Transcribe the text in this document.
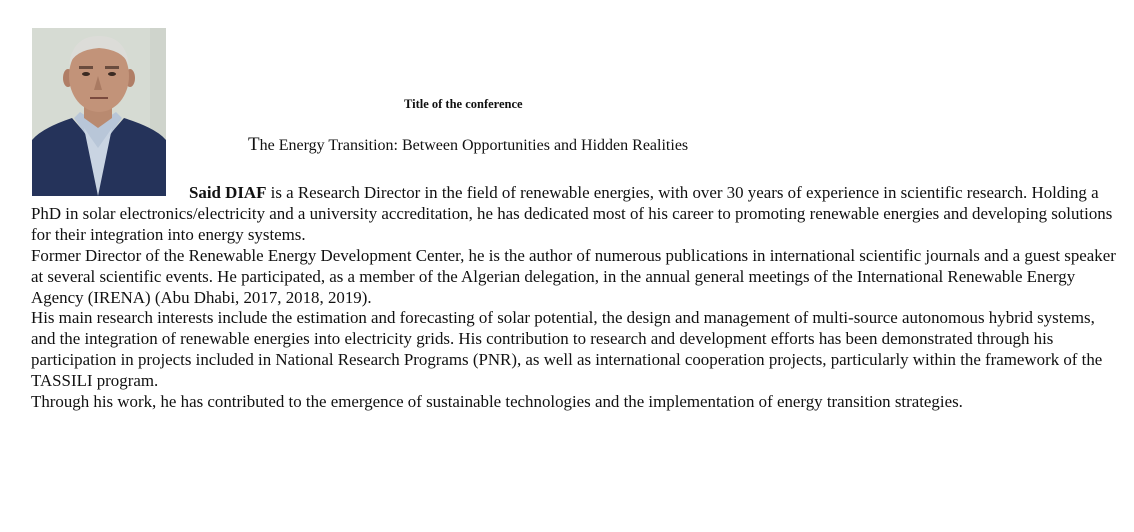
Title of the conference
The Energy Transition: Between Opportunities and Hidden Realities

Said DIAF is a Research Director in the field of renewable energies, with over 30 years of experience in scientific research. Holding a PhD in solar electronics/electricity and a university accreditation, he has dedicated most of his career to promoting renewable energies and developing solutions for their integration into energy systems.

Former Director of the Renewable Energy Development Center, he is the author of numerous publications in international scientific journals and a guest speaker at several scientific events. He participated, as a member of the Algerian delegation, in the annual general meetings of the International Renewable Energy Agency (IRENA) (Abu Dhabi, 2017, 2018, 2019).

His main research interests include the estimation and forecasting of solar potential, the design and management of multi-source autonomous hybrid systems, and the integration of renewable energies into electricity grids. His contribution to research and development efforts has been demonstrated through his participation in projects included in National Research Programs (PNR), as well as international cooperation projects, particularly within the framework of the TASSILI program.

Through his work, he has contributed to the emergence of sustainable technologies and the implementation of energy transition strategies.
